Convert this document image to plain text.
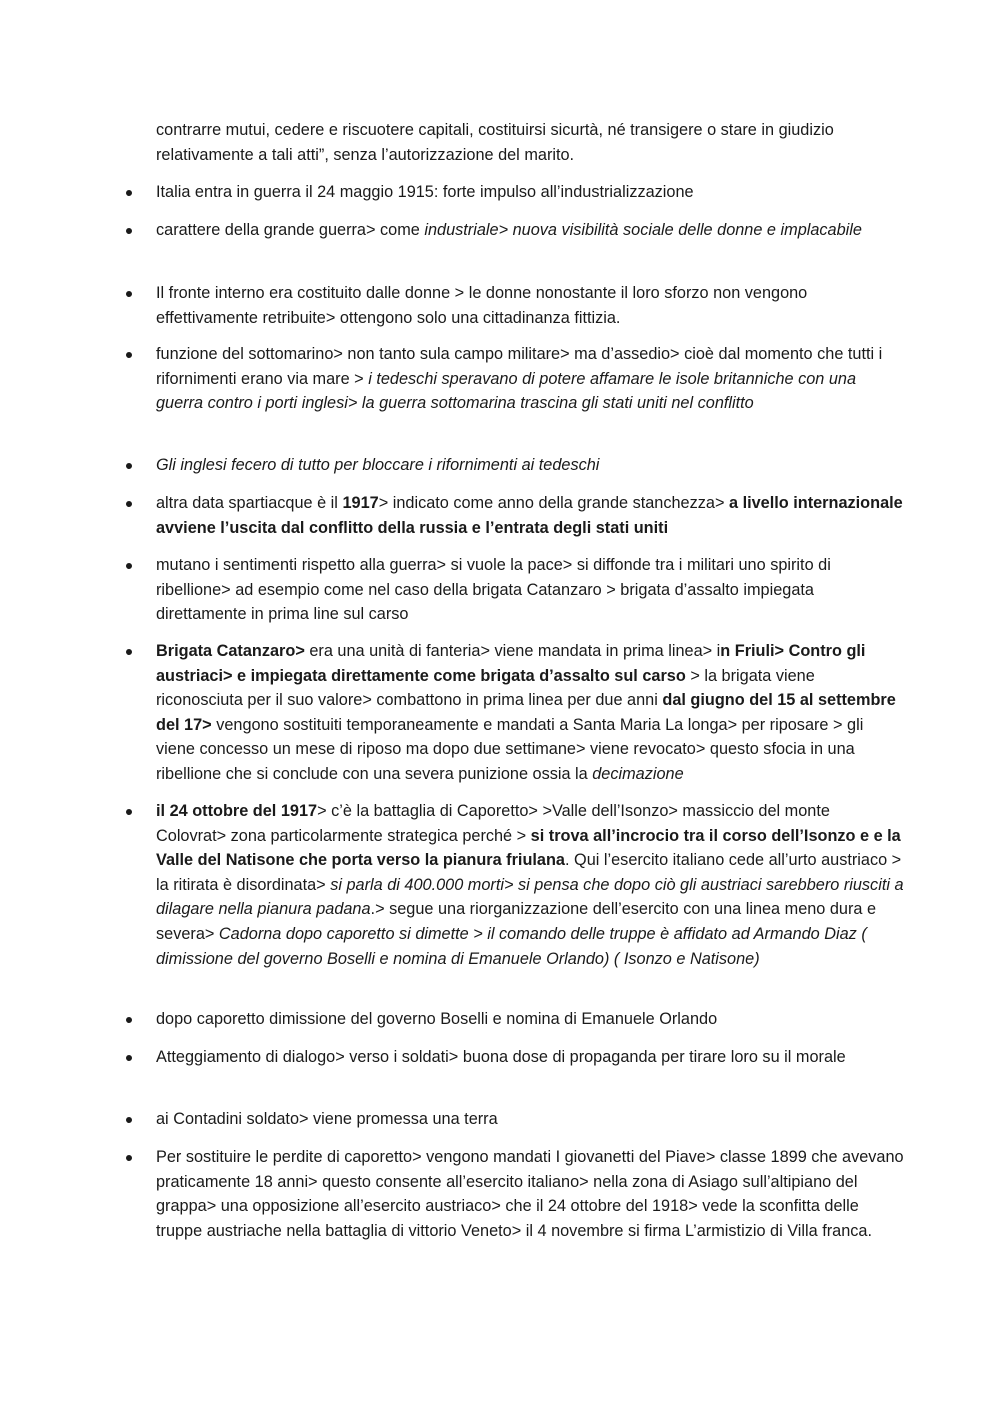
contrarre mutui, cedere e riscuotere capitali, costituirsi sicurtà, né transigere o stare in giudizio relativamente a tali atti”, senza l’autorizzazione del marito.

Italia entra in guerra il 24 maggio 1915: forte impulso all’industrializzazione
carattere della grande guerra> come industriale> nuova visibilità sociale delle donne e implacabile
Il fronte interno era costituito dalle donne > le donne nonostante il loro sforzo non vengono effettivamente retribuite> ottengono solo una cittadinanza fittizia.
funzione del sottomarino> non tanto sula campo militare> ma d’assedio> cioè dal momento che tutti i rifornimenti erano via mare > i tedeschi speravano di potere affamare le isole britanniche con una guerra contro i porti inglesi> la guerra sottomarina trascina gli stati uniti nel conflitto
Gli inglesi fecero di tutto per bloccare i rifornimenti ai tedeschi
altra data spartiacque è il 1917> indicato come anno della grande stanchezza> a livello internazionale avviene l’uscita dal conflitto della russia e l’entrata degli stati uniti
mutano i sentimenti rispetto alla guerra> si vuole la pace> si diffonde tra i militari uno spirito di ribellione> ad esempio come nel caso della brigata Catanzaro > brigata d’assalto impiegata direttamente in prima line sul carso
Brigata Catanzaro> era una unità di fanteria> viene mandata in prima linea> in Friuli> Contro gli austriaci> e impiegata direttamente come brigata d’assalto sul carso > la brigata viene riconosciuta per il suo valore> combattono in prima linea per due anni dal giugno del 15 al settembre del 17> vengono sostituiti temporaneamente e mandati a Santa Maria La longa> per riposare > gli viene concesso un mese di riposo ma dopo due settimane> viene revocato> questo sfocia in una ribellione che si conclude con una severa punizione ossia la decimazione
il 24 ottobre del 1917> c’è la battaglia di Caporetto> >Valle dell’Isonzo> massiccio del monte Colovrat> zona particolarmente strategica perché > si trova all’incrocio tra il corso dell’Isonzo e e la Valle del Natisone che porta verso la pianura friulana. Qui l’esercito italiano cede all’urto austriaco > la ritirata è disordinata> si parla di 400.000 morti> si pensa che dopo ciò gli austriaci sarebbero riusciti a dilagare nella pianura padana.> segue una riorganizzazione dell’esercito con una linea meno dura e severa> Cadorna dopo caporetto si dimette > il comando delle truppe è affidato ad Armando Diaz ( dimissione del governo Boselli e nomina di Emanuele Orlando) ( Isonzo e Natisone)
dopo caporetto dimissione del governo Boselli e nomina di Emanuele Orlando
Atteggiamento di dialogo> verso i soldati> buona dose di propaganda per tirare loro su il morale
ai Contadini soldato> viene promessa una terra
Per sostituire le perdite di caporetto> vengono mandati I giovanetti del Piave> classe 1899 che avevano praticamente 18 anni> questo consente all’esercito italiano> nella zona di Asiago sull’altipiano del grappa> una opposizione all’esercito austriaco> che il 24 ottobre del 1918> vede la sconfitta delle truppe austriache nella battaglia di vittorio Veneto> il 4 novembre si firma L’armistizio di Villa franca.
